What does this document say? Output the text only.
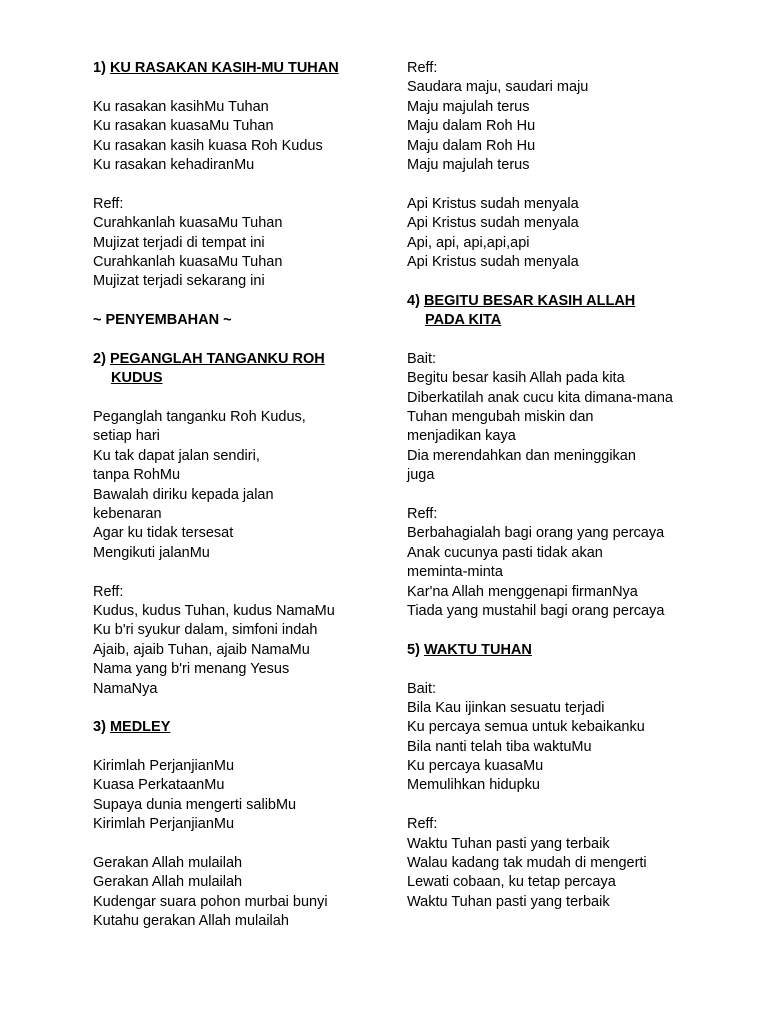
1) KU RASAKAN KASIH-MU TUHAN
Ku rasakan kasihMu Tuhan
Ku rasakan kuasaMu Tuhan
Ku rasakan kasih kuasa Roh Kudus
Ku rasakan kehadiranMu
Reff:
Curahkanlah kuasaMu Tuhan
Mujizat terjadi di tempat ini
Curahkanlah kuasaMu Tuhan
Mujizat terjadi sekarang ini
~ PENYEMBAHAN ~
2) PEGANGLAH TANGANKU ROH
KUDUS
Peganglah tanganku Roh Kudus,
setiap hari
Ku tak dapat jalan sendiri,
tanpa RohMu
Bawalah diriku kepada jalan
kebenaran
Agar ku tidak tersesat
Mengikuti jalanMu
Reff:
Kudus, kudus Tuhan, kudus NamaMu
Ku b'ri syukur dalam, simfoni indah
Ajaib, ajaib Tuhan, ajaib NamaMu
Nama yang b'ri menang Yesus
NamaNya
3) MEDLEY
Kirimlah PerjanjianMu
Kuasa PerkataanMu
Supaya dunia mengerti salibMu
Kirimlah PerjanjianMu
Gerakan Allah mulailah
Gerakan Allah mulailah
Kudengar suara pohon murbai bunyi
Kutahu gerakan Allah mulailah
Reff:
Saudara maju, saudari maju
Maju majulah terus
Maju dalam Roh Hu
Maju dalam Roh Hu
Maju majulah terus
Api Kristus sudah menyala
Api Kristus sudah menyala
Api, api, api,api,api
Api Kristus sudah menyala
4) BEGITU BESAR KASIH ALLAH
PADA KITA
Bait:
Begitu besar kasih Allah pada kita
Diberkatilah anak cucu kita dimana-mana
Tuhan mengubah miskin dan
menjadikan kaya
Dia merendahkan dan meninggikan
juga
Reff:
Berbahagialah bagi orang yang percaya
Anak cucunya pasti tidak akan
meminta-minta
Kar'na Allah menggenapi firmanNya
Tiada yang mustahil bagi orang percaya
5) WAKTU TUHAN
Bait:
Bila Kau ijinkan sesuatu terjadi
Ku percaya semua untuk kebaikanku
Bila nanti telah tiba waktuMu
Ku percaya kuasaMu
Memulihkan hidupku
Reff:
Waktu Tuhan pasti yang terbaik
Walau kadang tak mudah di mengerti
Lewati cobaan, ku tetap percaya
Waktu Tuhan pasti yang terbaik
